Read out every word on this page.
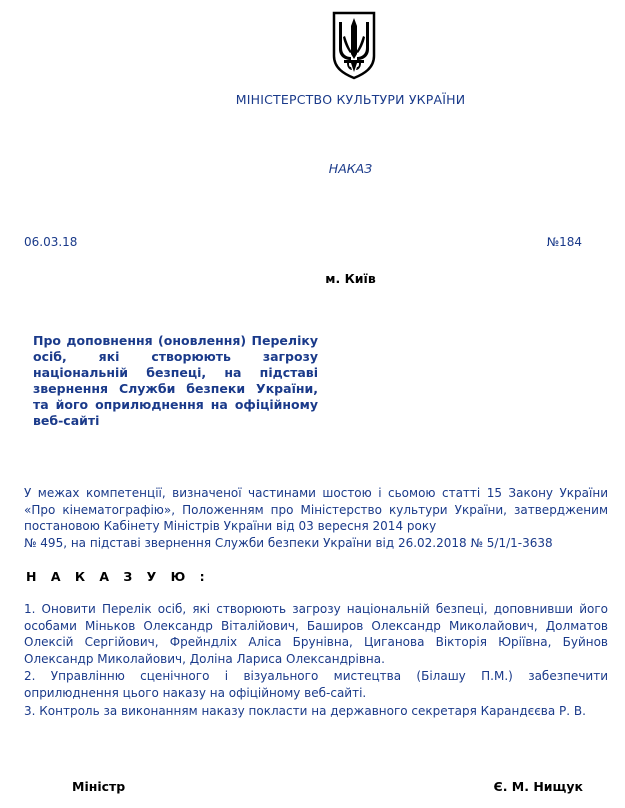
МІНІСТЕРСТВО КУЛЬТУРИ УКРАЇНИ
НАКАЗ
06.03.18	№184
м. Київ
Про доповнення (оновлення) Переліку осіб, які створюють загрозу національній безпеці, на підставі звернення Служби безпеки України, та його оприлюднення на офіційному веб-сайті
У межах компетенції, визначеної частинами шостою і сьомою статті 15 Закону України «Про кінематографію», Положенням про Міністерство культури України, затвердженим постановою Кабінету Міністрів України від 03 вересня 2014 року
№ 495, на підставі звернення Служби безпеки України від 26.02.2018 № 5/1/1-3638
Н А К А З У Ю :
1. Оновити Перелік осіб, які створюють загрозу національній безпеці, доповнивши його особами Міньков Олександр Віталійович, Баширов Олександр Миколайович, Долматов Олексій Сергійович, Фрейндліх Аліса Брунівна, Циганова Вікторія Юріївна, Буйнов Олександр Миколайович, Доліна Лариса Олександрівна.
2. Управлінню сценічного і візуального мистецтва (Білашу П.М.) забезпечити оприлюднення цього наказу на офіційному веб-сайті.
3. Контроль за виконанням наказу покласти на державного секретаря Карандєєва Р. В.
Міністр	Є. М. Нищук
